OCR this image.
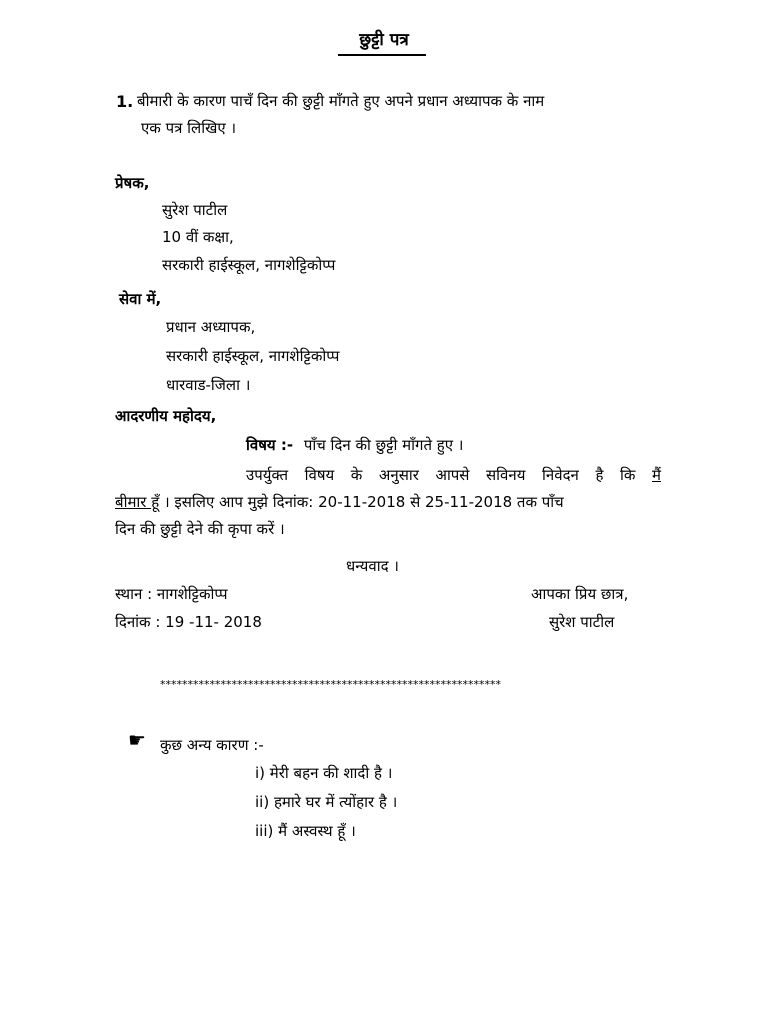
छुट्टी पत्र
1. बीमारी के कारण पाचँ दिन की छुट्टी माँगते हुए अपने प्रधान अध्यापक के नाम
एक पत्र लिखिए ।
प्रेषक,
सुरेश पाटील
10 वीं कक्षा,
सरकारी हाईस्कूल, नागशेट्टिकोप्प
सेवा में,
प्रधान अध्यापक,
सरकारी हाईस्कूल, नागशेट्टिकोप्प
धारवाड-जिला ।
आदरणीय महोदय,
विषय :- पाँच दिन की छुट्टी माँगते हुए ।
उपर्युक्त विषय के अनुसार आपसे सविनय निवेदन है कि मैं
बीमार हूँ । इसलिए आप मुझे दिनांक: 20-11-2018 से 25-11-2018 तक पाँच
दिन की छुट्टी देने की कृपा करें ।
धन्यवाद ।
स्थान : नागशेट्टिकोप्प	आपका प्रिय छात्र,
दिनांक : 19 -11- 2018	सुरेश पाटील
**************************************************************
☛ कुछ अन्य कारण :-
i) मेरी बहन की शादी है ।
ii) हमारे घर में त्योंहार है ।
iii) मैं अस्वस्थ हूँ ।
